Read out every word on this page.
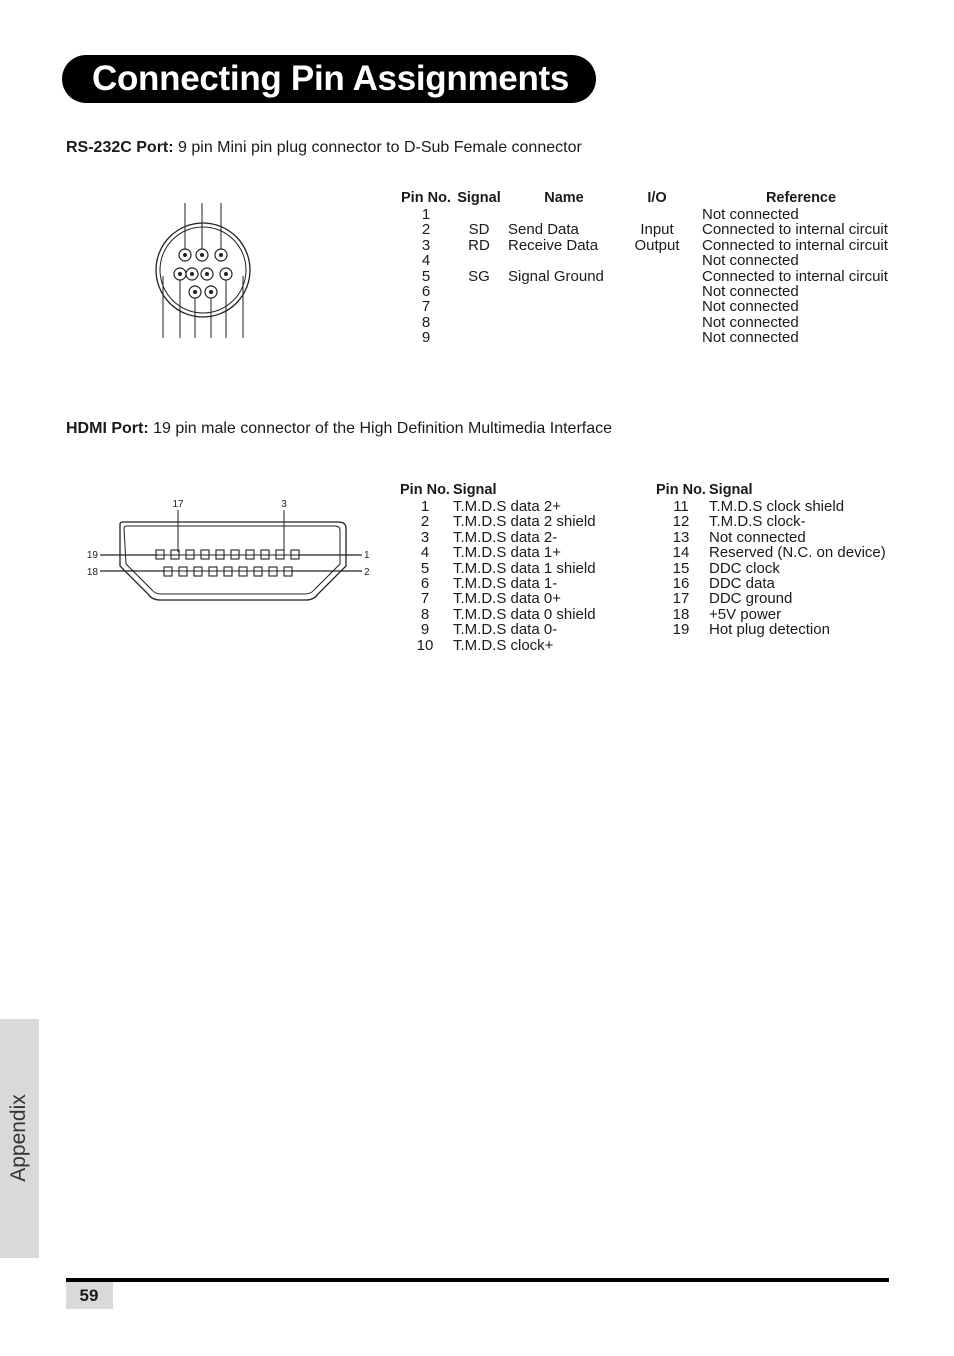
Connecting Pin Assignments
RS-232C Port: 9 pin Mini pin plug connector to D-Sub Female connector
Pin No.	Signal	Name	I/O	Reference
1				Not connected
2	SD	Send Data	Input	Connected to internal circuit
3	RD	Receive Data	Output	Connected to internal circuit
4				Not connected
5	SG	Signal Ground		Connected to internal circuit
6				Not connected
7				Not connected
8				Not connected
9				Not connected
HDMI Port: 19 pin male connector of the High Definition Multimedia Interface
17	3
19
18
1
2
Pin No.	Signal
1	T.M.D.S data 2+
2	T.M.D.S data 2 shield
3	T.M.D.S data 2-
4	T.M.D.S data 1+
5	T.M.D.S data 1 shield
6	T.M.D.S data 1-
7	T.M.D.S data 0+
8	T.M.D.S data 0 shield
9	T.M.D.S data 0-
10	T.M.D.S clock+
Pin No.	Signal
11	T.M.D.S clock shield
12	T.M.D.S clock-
13	Not connected
14	Reserved (N.C. on device)
15	DDC clock
16	DDC data
17	DDC ground
18	+5V power
19	Hot plug detection
Appendix
59
